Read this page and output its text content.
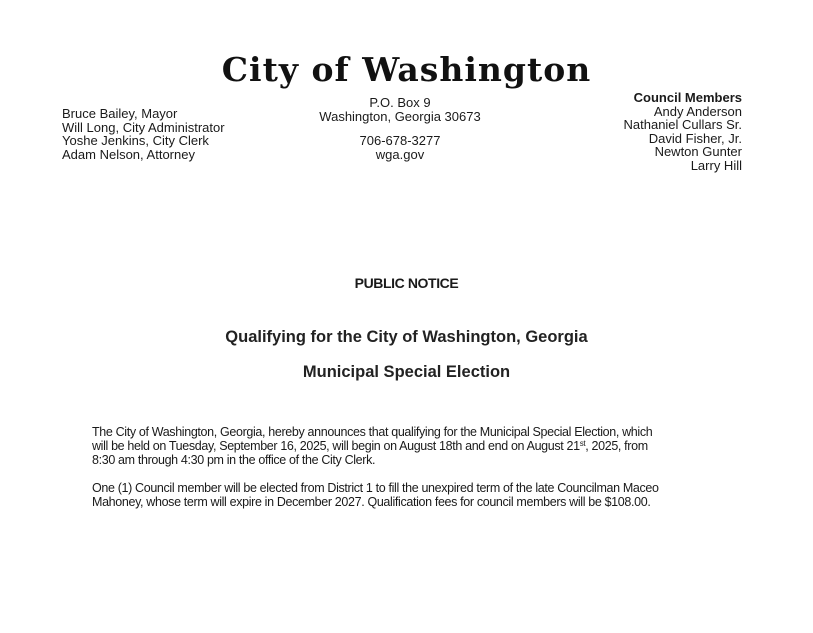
City of Washington
Bruce Bailey, Mayor
Will Long, City Administrator
Yoshe Jenkins, City Clerk
Adam Nelson, Attorney
P.O. Box 9
Washington, Georgia 30673
706-678-3277
wga.gov
Council Members
Andy Anderson
Nathaniel Cullars Sr.
David Fisher, Jr.
Newton Gunter
Larry Hill
PUBLIC NOTICE
Qualifying for the City of Washington, Georgia
Municipal Special Election
The City of Washington, Georgia, hereby announces that qualifying for the Municipal Special Election, which
will be held on Tuesday, September 16, 2025, will begin on August 18th and end on August 21st, 2025, from
8:30 am through 4:30 pm in the office of the City Clerk.
One (1) Council member will be elected from District 1 to fill the unexpired term of the late Councilman Maceo
Mahoney, whose term will expire in December 2027. Qualification fees for council members will be $108.00.
